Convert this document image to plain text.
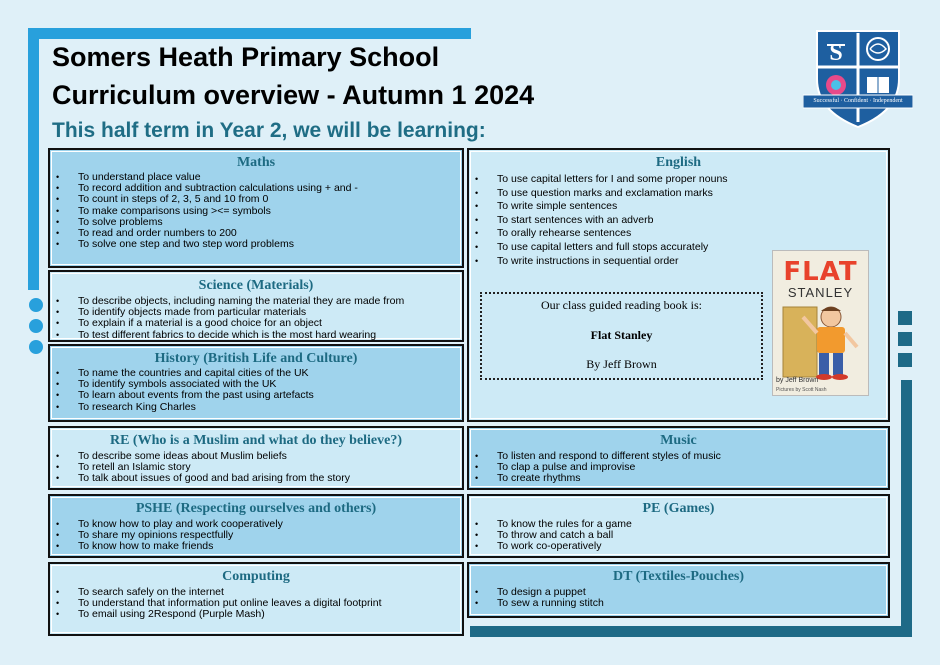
Somers Heath Primary School
Curriculum overview - Autumn 1 2024
This half term in Year 2, we will be learning:
S
Successful · Confident · Independent
Maths
• To understand place value
• To record addition and subtraction calculations using + and -
• To count in steps of 2, 3, 5 and 10 from 0
• To make comparisons using ><= symbols
• To solve problems
• To read and order numbers to 200
• To solve one step and two step word problems
Science (Materials)
• To describe objects, including naming the material they are made from
• To identify objects made from particular materials
• To explain if a material is a good choice for an object
• To test different fabrics to decide which is the most hard wearing
History (British Life and Culture)
• To name the countries and capital cities of the UK
• To identify symbols associated with the UK
• To learn about events from the past using artefacts
• To research King Charles
RE (Who is a Muslim and what do they believe?)
• To describe some ideas about Muslim beliefs
• To retell an Islamic story
• To talk about issues of good and bad arising from the story
PSHE (Respecting ourselves and others)
• To know how to play and work cooperatively
• To share my opinions respectfully
• To know how to make friends
Computing
• To search safely on the internet
• To understand that information put online leaves a digital footprint
• To email using 2Respond (Purple Mash)
English
• To use capital letters for I and some proper nouns
• To use question marks and exclamation marks
• To write simple sentences
• To start sentences with an adverb
• To orally rehearse sentences
• To use capital letters and full stops accurately
• To write instructions in sequential order
Our class guided reading book is:
Flat Stanley
By Jeff Brown
FLAT
STANLEY
by Jeff Brown
Pictures by Scott Nash
Music
• To listen and respond to different styles of music
• To clap a pulse and improvise
• To create rhythms
PE (Games)
• To know the rules for a game
• To throw and catch a ball
• To work co-operatively
DT (Textiles-Pouches)
• To design a puppet
• To sew a running stitch
